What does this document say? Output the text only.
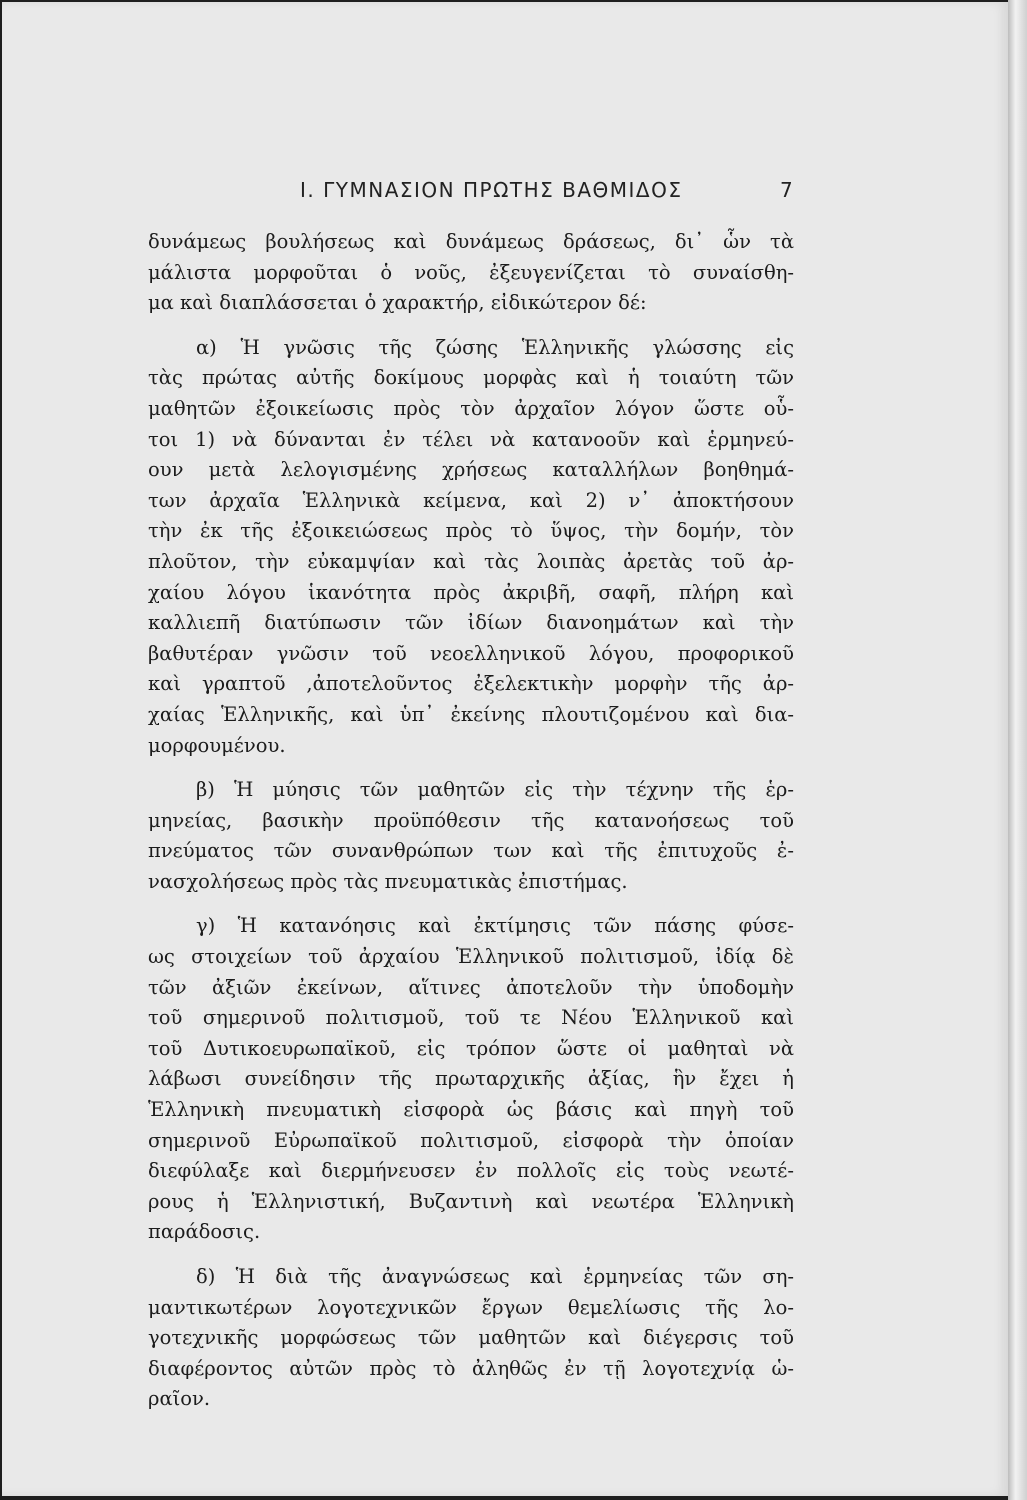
Ι. ΓΥΜΝΑΣΙΟΝ ΠΡΩΤΗΣ ΒΑΘΜΙΔΟΣ	7

δυνάμεως βουλήσεως καὶ δυνάμεως δράσεως, δι᾽ ὧν τὰ
μάλιστα μορφοῦται ὁ νοῦς, ἐξευγενίζεται τὸ συναίσθη-
μα καὶ διαπλάσσεται ὁ χαρακτήρ, εἰδικώτερον δέ:

α) Ἡ γνῶσις τῆς ζώσης Ἑλληνικῆς γλώσσης εἰς
τὰς πρώτας αὐτῆς δοκίμους μορφὰς καὶ ἡ τοιαύτη τῶν
μαθητῶν ἐξοικείωσις πρὸς τὸν ἀρχαῖον λόγον ὥστε οὗ-
τοι 1) νὰ δύνανται ἐν τέλει νὰ κατανοοῦν καὶ ἑρμηνεύ-
ουν μετὰ λελογισμένης χρήσεως καταλλήλων βοηθημά-
των ἀρχαῖα Ἑλληνικὰ κείμενα, καὶ 2) ν᾽ ἀποκτήσουν
τὴν ἐκ τῆς ἐξοικειώσεως πρὸς τὸ ὕψος, τὴν δομήν, τὸν
πλοῦτον, τὴν εὐκαμψίαν καὶ τὰς λοιπὰς ἀρετὰς τοῦ ἀρ-
χαίου λόγου ἱκανότητα πρὸς ἀκριβῆ, σαφῆ, πλήρη καὶ
καλλιεπῆ διατύπωσιν τῶν ἰδίων διανοημάτων καὶ τὴν
βαθυτέραν γνῶσιν τοῦ νεοελληνικοῦ λόγου, προφορικοῦ
καὶ γραπτοῦ ,ἀποτελοῦντος ἐξελεκτικὴν μορφὴν τῆς ἀρ-
χαίας Ἑλληνικῆς, καὶ ὑπ᾽ ἐκείνης πλουτιζομένου καὶ δια-
μορφουμένου.

β) Ἡ μύησις τῶν μαθητῶν εἰς τὴν τέχνην τῆς ἑρ-
μηνείας, βασικὴν προϋπόθεσιν τῆς κατανοήσεως τοῦ
πνεύματος τῶν συνανθρώπων των καὶ τῆς ἐπιτυχοῦς ἐ-
νασχολήσεως πρὸς τὰς πνευματικὰς ἐπιστήμας.

γ) Ἡ κατανόησις καὶ ἐκτίμησις τῶν πάσης φύσε-
ως στοιχείων τοῦ ἀρχαίου Ἑλληνικοῦ πολιτισμοῦ, ἰδίᾳ δὲ
τῶν ἀξιῶν ἐκείνων, αἵτινες ἀποτελοῦν τὴν ὑποδομὴν
τοῦ σημερινοῦ πολιτισμοῦ, τοῦ τε Νέου Ἑλληνικοῦ καὶ
τοῦ Δυτικοευρωπαϊκοῦ, εἰς τρόπον ὥστε οἱ μαθηταὶ νὰ
λάβωσι συνείδησιν τῆς πρωταρχικῆς ἀξίας, ἣν ἔχει ἡ
Ἑλληνικὴ πνευματικὴ εἰσφορὰ ὡς βάσις καὶ πηγὴ τοῦ
σημερινοῦ Εὐρωπαϊκοῦ πολιτισμοῦ, εἰσφορὰ τὴν ὁποίαν
διεφύλαξε καὶ διερμήνευσεν ἐν πολλοῖς εἰς τοὺς νεωτέ-
ρους ἡ Ἑλληνιστική, Βυζαντινὴ καὶ νεωτέρα Ἑλληνικὴ
παράδοσις.

δ) Ἡ διὰ τῆς ἀναγνώσεως καὶ ἑρμηνείας τῶν ση-
μαντικωτέρων λογοτεχνικῶν ἔργων θεμελίωσις τῆς λο-
γοτεχνικῆς μορφώσεως τῶν μαθητῶν καὶ διέγερσις τοῦ
διαφέροντος αὐτῶν πρὸς τὸ ἀληθῶς ἐν τῇ λογοτεχνίᾳ ὡ-
ραῖον.
